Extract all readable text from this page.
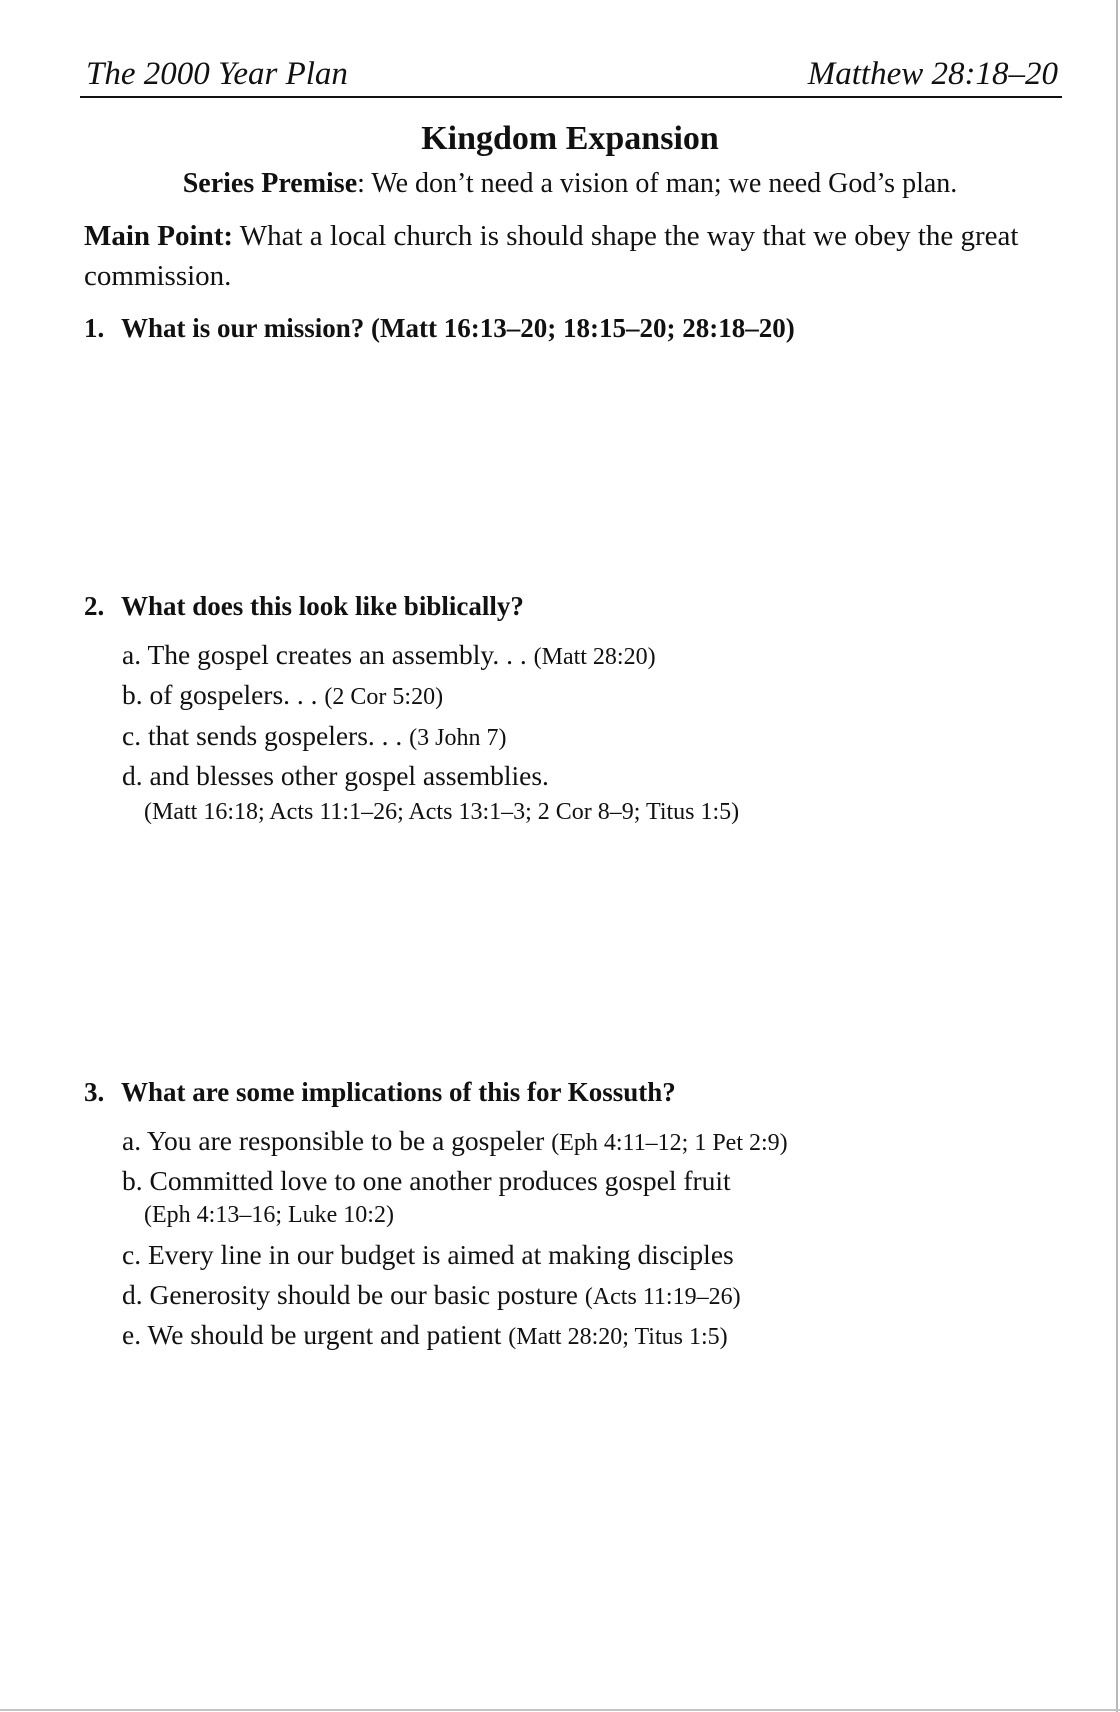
The 2000 Year Plan	Matthew 28:18–20
Kingdom Expansion
Series Premise: We don’t need a vision of man; we need God’s plan.
Main Point: What a local church is should shape the way that we obey the great commission.
1. What is our mission? (Matt 16:13–20; 18:15–20; 28:18–20)
2. What does this look like biblically?
a. The gospel creates an assembly. . . (Matt 28:20)
b. of gospelers. . . (2 Cor 5:20)
c. that sends gospelers. . . (3 John 7)
d. and blesses other gospel assemblies.
(Matt 16:18; Acts 11:1–26; Acts 13:1–3; 2 Cor 8–9; Titus 1:5)
3. What are some implications of this for Kossuth?
a. You are responsible to be a gospeler (Eph 4:11–12; 1 Pet 2:9)
b. Committed love to one another produces gospel fruit
(Eph 4:13–16; Luke 10:2)
c. Every line in our budget is aimed at making disciples
d. Generosity should be our basic posture (Acts 11:19–26)
e. We should be urgent and patient (Matt 28:20; Titus 1:5)
